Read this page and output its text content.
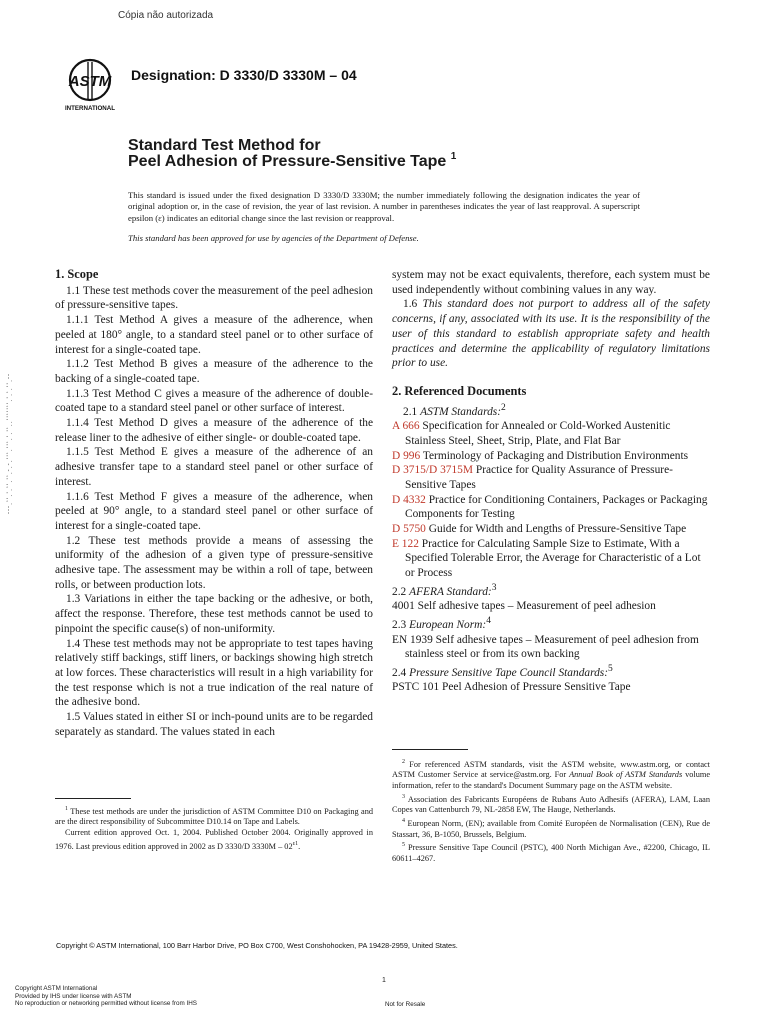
Cópia não autorizada
ASTM
INTERNATIONAL
Designation: D 3330/D 3330M – 04
Standard Test Method for
Peel Adhesion of Pressure-Sensitive Tape $^1$
This standard is issued under the fixed designation D 3330/D 3330M; the number immediately following the designation indicates the year of original adoption or, in the case of revision, the year of last revision. A number in parentheses indicates the year of last reapproval. A superscript epsilon (ε) indicates an editorial change since the last revision or reapproval.
This standard has been approved for use by agencies of the Department of Defense.
--`,,`,`,`,,,,,,,``,,`,`,,,`,,,`-`-`,,`,,`,`,,`---
1. Scope

1.1 These test methods cover the measurement of the peel adhesion of pressure-sensitive tapes.

1.1.1 Test Method A gives a measure of the adherence, when peeled at 180° angle, to a standard steel panel or to other surface of interest for a single-coated tape.

1.1.2 Test Method B gives a measure of the adherence to the backing of a single-coated tape.

1.1.3 Test Method C gives a measure of the adherence of double-coated tape to a standard steel panel or other surface of interest.

1.1.4 Test Method D gives a measure of the adherence of the release liner to the adhesive of either single- or double-coated tape.

1.1.5 Test Method E gives a measure of the adherence of an adhesive transfer tape to a standard steel panel or other surface of interest.

1.1.6 Test Method F gives a measure of the adherence, when peeled at 90° angle, to a standard steel panel or other surface of interest for a single-coated tape.

1.2 These test methods provide a means of assessing the uniformity of the adhesion of a given type of pressure-sensitive adhesive tape. The assessment may be within a roll of tape, between rolls, or between production lots.

1.3 Variations in either the tape backing or the adhesive, or both, affect the response. Therefore, these test methods cannot be used to pinpoint the specific cause(s) of non-uniformity.

1.4 These test methods may not be appropriate to test tapes having relatively stiff backings, stiff liners, or backings showing high stretch at low forces. These characteristics will result in a high variability for the test response which is not a true indication of the real nature of the adhesive bond.

1.5 Values stated in either SI or inch-pound units are to be regarded separately as standard. The values stated in each

$^1$ These test methods are under the jurisdiction of ASTM Committee D10 on Packaging and are the direct responsibility of Subcommittee D10.14 on Tape and Labels.

Current edition approved Oct. 1, 2004. Published October 2004. Originally approved in 1976. Last previous edition approved in 2002 as D 3330/D $3330M - 02^{\varepsilon 1}$.

system may not be exact equivalents, therefore, each system must be used independently without combining values in any way.

1.6 This standard does not purport to address all of the safety concerns, if any, associated with its use. It is the responsibility of the user of this standard to establish appropriate safety and health practices and determine the applicability of regulatory limitations prior to use.

2. Referenced Documents

2.1 ASTM Standards:$^2$

A 666 Specification for Annealed or Cold-Worked Austenitic Stainless Steel, Sheet, Strip, Plate, and Flat Bar

D 996 Terminology of Packaging and Distribution Environments

D 3715/D 3715M Practice for Quality Assurance of Pressure-Sensitive Tapes

D 4332 Practice for Conditioning Containers, Packages or Packaging Components for Testing

D 5750 Guide for Width and Lengths of Pressure-Sensitive Tape

E 122 Practice for Calculating Sample Size to Estimate, With a Specified Tolerable Error, the Average for Characteristic of a Lot or Process

2.2 AFERA Standard:$^3$

4001 Self adhesive tapes – Measurement of peel adhesion

2.3 European Norm:$^4$

EN 1939 Self adhesive tapes – Measurement of peel adhesion from stainless steel or from its own backing

2.4 Pressure Sensitive Tape Council Standards:$^5$

PSTC 101 Peel Adhesion of Pressure Sensitive Tape

$^2$ For referenced ASTM standards, visit the ASTM website, www.astm.org, or contact ASTM Customer Service at service@astm.org. For Annual Book of ASTM Standards volume information, refer to the standard's Document Summary page on the ASTM website.

$^3$ Association des Fabricants Européens de Rubans Auto Adhesifs (AFERA), LAM, Laan Copes van Cattenburch 79, NL-2858 EW, The Hauge, Netherlands.

$^4$ European Norm, (EN); available from Comité Européen de Normalisation (CEN), Rue de Stassart, 36, B-1050, Brussels, Belgium.

$^5$ Pressure Sensitive Tape Council (PSTC), 400 North Michigan Ave., #2200, Chicago, IL 60611–4267.

Copyright © ASTM International, 100 Barr Harbor Drive, PO Box C700, West Conshohocken, PA 19428-2959, United States.
1
Copyright ASTM International
Provided by IHS under license with ASTM
No reproduction or networking permitted without license from IHS	Not for Resale
